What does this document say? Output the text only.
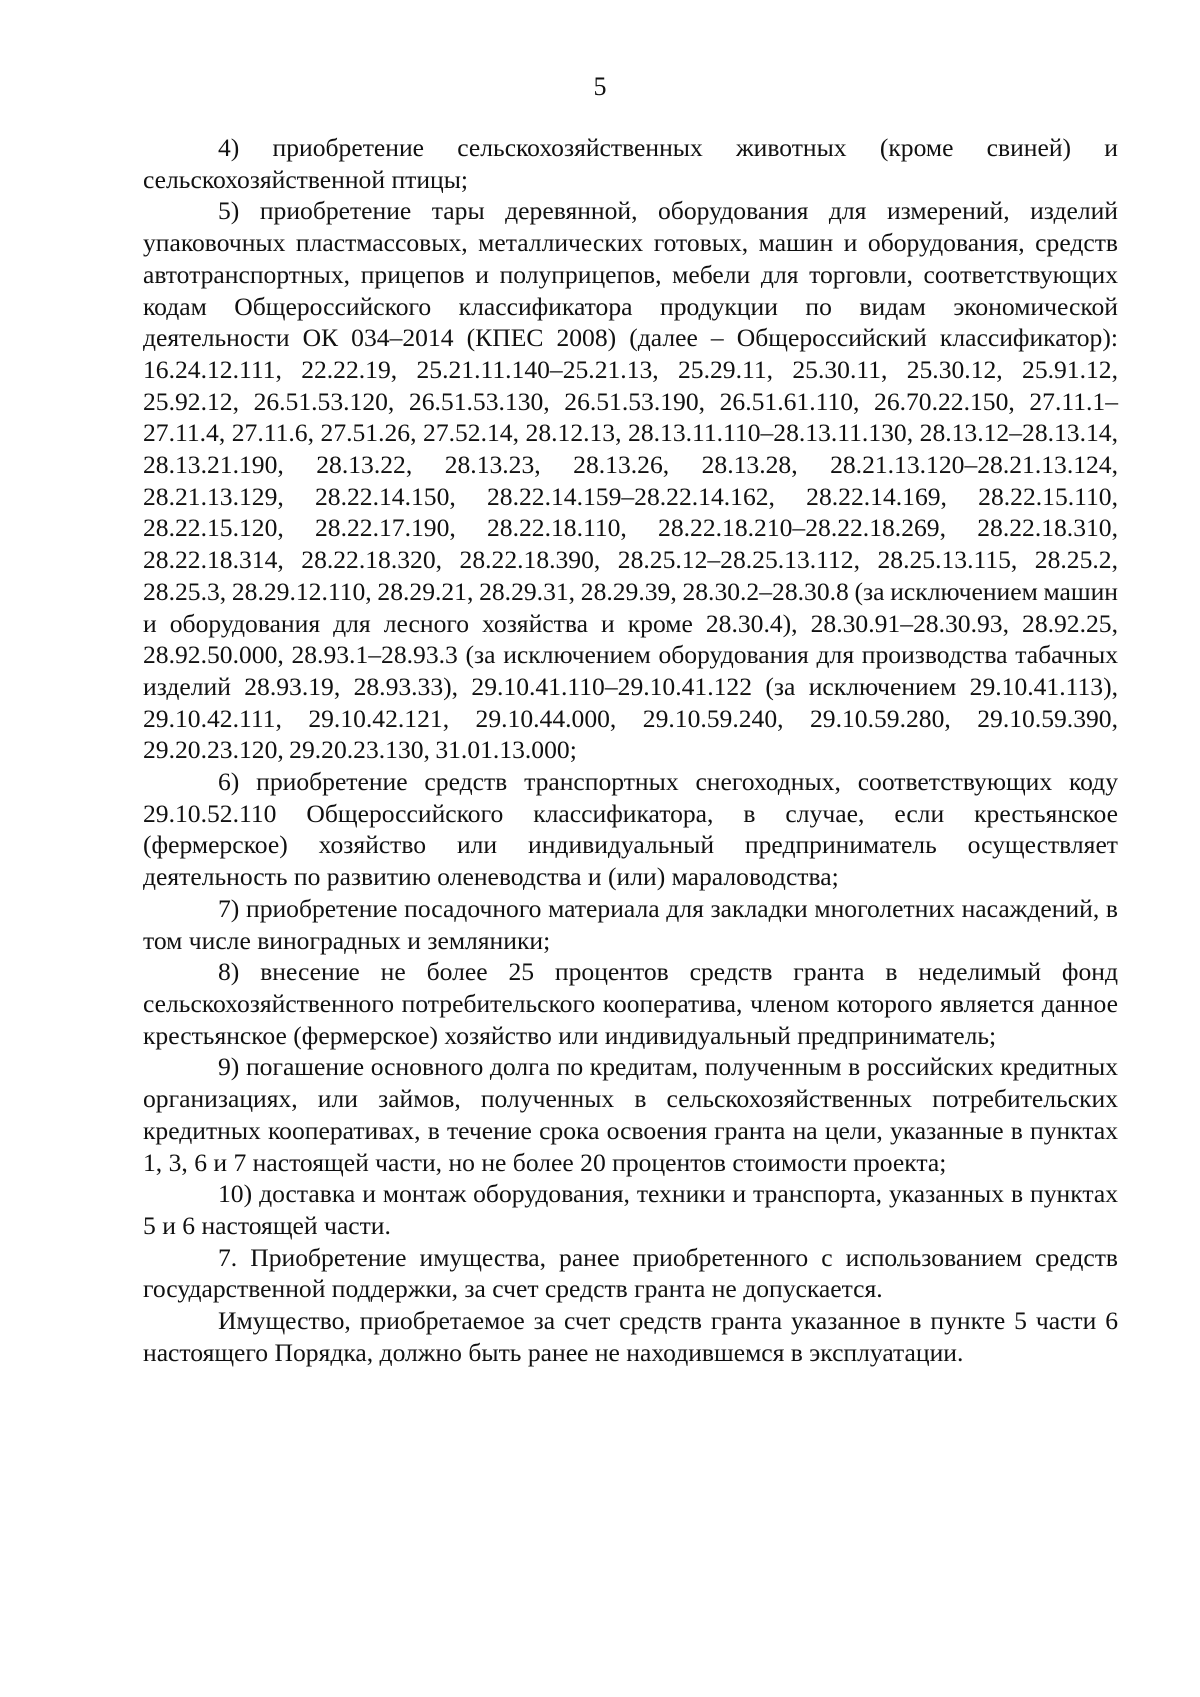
5

4) приобретение сельскохозяйственных животных (кроме свиней) и сельскохозяйственной птицы;

5) приобретение тары деревянной, оборудования для измерений, изделий упаковочных пластмассовых, металлических готовых, машин и оборудования, средств автотранспортных, прицепов и полуприцепов, мебели для торговли, соответствующих кодам Общероссийского классификатора продукции по видам экономической деятельности ОК 034–2014 (КПЕС 2008) (далее – Общероссийский классификатор): 16.24.12.111, 22.22.19, 25.21.11.140–25.21.13, 25.29.11, 25.30.11, 25.30.12, 25.91.12, 25.92.12, 26.51.53.120, 26.51.53.130, 26.51.53.190, 26.51.61.110, 26.70.22.150, 27.11.1–27.11.4, 27.11.6, 27.51.26, 27.52.14, 28.12.13, 28.13.11.110–28.13.11.130, 28.13.12–28.13.14, 28.13.21.190, 28.13.22, 28.13.23, 28.13.26, 28.13.28, 28.21.13.120–28.21.13.124, 28.21.13.129, 28.22.14.150, 28.22.14.159–28.22.14.162, 28.22.14.169, 28.22.15.110, 28.22.15.120, 28.22.17.190, 28.22.18.110, 28.22.18.210–28.22.18.269, 28.22.18.310, 28.22.18.314, 28.22.18.320, 28.22.18.390, 28.25.12–28.25.13.112, 28.25.13.115, 28.25.2, 28.25.3, 28.29.12.110, 28.29.21, 28.29.31, 28.29.39, 28.30.2–28.30.8 (за исключением машин и оборудования для лесного хозяйства и кроме 28.30.4), 28.30.91–28.30.93, 28.92.25, 28.92.50.000, 28.93.1–28.93.3 (за исключением оборудования для производства табачных изделий 28.93.19, 28.93.33), 29.10.41.110–29.10.41.122 (за исключением 29.10.41.113), 29.10.42.111, 29.10.42.121, 29.10.44.000, 29.10.59.240, 29.10.59.280, 29.10.59.390, 29.20.23.120, 29.20.23.130, 31.01.13.000;

6) приобретение средств транспортных снегоходных, соответствующих коду 29.10.52.110 Общероссийского классификатора, в случае, если крестьянское (фермерское) хозяйство или индивидуальный предприниматель осуществляет деятельность по развитию оленеводства и (или) мараловодства;

7) приобретение посадочного материала для закладки многолетних насаждений, в том числе виноградных и земляники;

8) внесение не более 25 процентов средств гранта в неделимый фонд сельскохозяйственного потребительского кооператива, членом которого является данное крестьянское (фермерское) хозяйство или индивидуальный предприниматель;

9) погашение основного долга по кредитам, полученным в российских кредитных организациях, или займов, полученных в сельскохозяйственных потребительских кредитных кооперативах, в течение срока освоения гранта на цели, указанные в пунктах 1, 3, 6 и 7 настоящей части, но не более 20 процентов стоимости проекта;

10) доставка и монтаж оборудования, техники и транспорта, указанных в пунктах 5 и 6 настоящей части.

7. Приобретение имущества, ранее приобретенного с использованием средств государственной поддержки, за счет средств гранта не допускается.

Имущество, приобретаемое за счет средств гранта указанное в пункте 5 части 6 настоящего Порядка, должно быть ранее не находившемся в эксплуатации.
